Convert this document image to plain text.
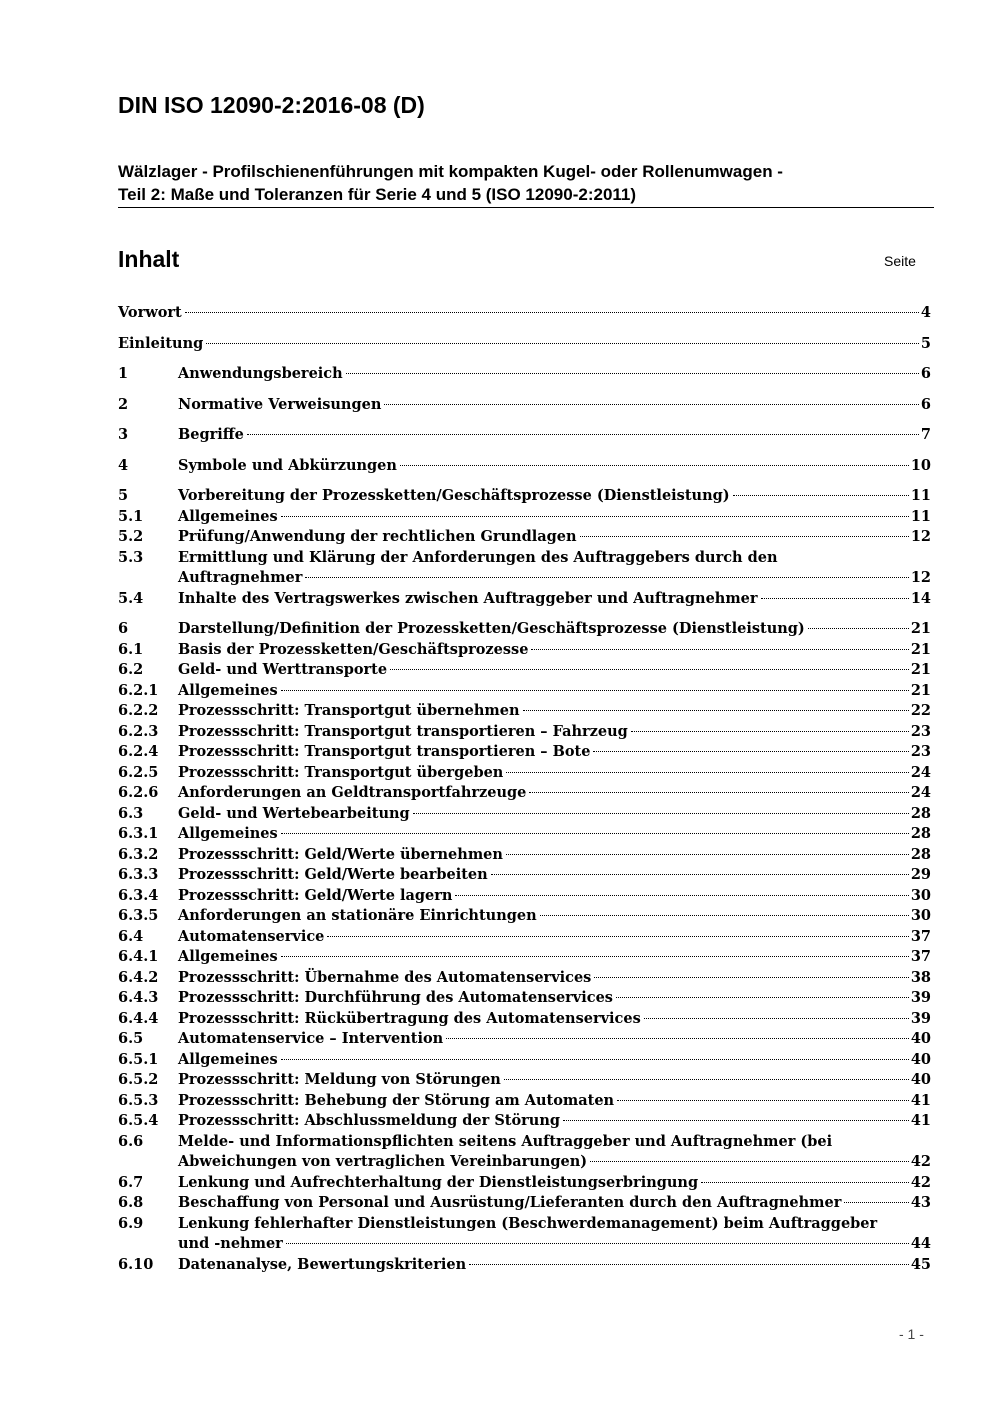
DIN ISO 12090-2:2016-08 (D)
Wälzlager - Profilschienenführungen mit kompakten Kugel- oder Rollenumwagen -
Teil 2: Maße und Toleranzen für Serie 4 und 5 (ISO 12090-2:2011)
Inhalt	Seite
Vorwort	4
Einleitung	5
1	Anwendungsbereich	6
2	Normative Verweisungen	6
3	Begriffe	7
4	Symbole und Abkürzungen	10
5	Vorbereitung der Prozessketten/Geschäftsprozesse (Dienstleistung)	11
5.1	Allgemeines	11
5.2	Prüfung/Anwendung der rechtlichen Grundlagen	12
5.3	Ermittlung und Klärung der Anforderungen des Auftraggebers durch den
Auftragnehmer	12
5.4	Inhalte des Vertragswerkes zwischen Auftraggeber und Auftragnehmer	14
6	Darstellung/Definition der Prozessketten/Geschäftsprozesse (Dienstleistung)	21
6.1	Basis der Prozessketten/Geschäftsprozesse	21
6.2	Geld- und Werttransporte	21
6.2.1	Allgemeines	21
6.2.2	Prozessschritt: Transportgut übernehmen	22
6.2.3	Prozessschritt: Transportgut transportieren – Fahrzeug	23
6.2.4	Prozessschritt: Transportgut transportieren – Bote	23
6.2.5	Prozessschritt: Transportgut übergeben	24
6.2.6	Anforderungen an Geldtransportfahrzeuge	24
6.3	Geld- und Wertebearbeitung	28
6.3.1	Allgemeines	28
6.3.2	Prozessschritt: Geld/Werte übernehmen	28
6.3.3	Prozessschritt: Geld/Werte bearbeiten	29
6.3.4	Prozessschritt: Geld/Werte lagern	30
6.3.5	Anforderungen an stationäre Einrichtungen	30
6.4	Automatenservice	37
6.4.1	Allgemeines	37
6.4.2	Prozessschritt: Übernahme des Automatenservices	38
6.4.3	Prozessschritt: Durchführung des Automatenservices	39
6.4.4	Prozessschritt: Rückübertragung des Automatenservices	39
6.5	Automatenservice – Intervention	40
6.5.1	Allgemeines	40
6.5.2	Prozessschritt: Meldung von Störungen	40
6.5.3	Prozessschritt: Behebung der Störung am Automaten	41
6.5.4	Prozessschritt: Abschlussmeldung der Störung	41
6.6	Melde- und Informationspflichten seitens Auftraggeber und Auftragnehmer (bei
Abweichungen von vertraglichen Vereinbarungen)	42
6.7	Lenkung und Aufrechterhaltung der Dienstleistungserbringung	42
6.8	Beschaffung von Personal und Ausrüstung/Lieferanten durch den Auftragnehmer	43
6.9	Lenkung fehlerhafter Dienstleistungen (Beschwerdemanagement) beim Auftraggeber
und -nehmer	44
6.10	Datenanalyse, Bewertungskriterien	45
- 1 -
